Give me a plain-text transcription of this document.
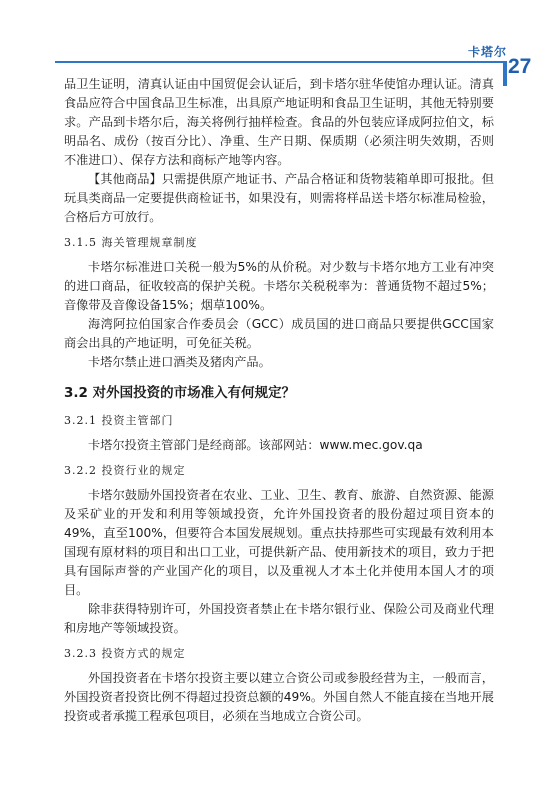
卡塔尔
27

品卫生证明，清真认证由中国贸促会认证后，到卡塔尔驻华使馆办理认证。清真食品应符合中国食品卫生标准，出具原产地证明和食品卫生证明，其他无特别要求。产品到卡塔尔后，海关将例行抽样检查。食品的外包装应译成阿拉伯文，标明品名、成份（按百分比）、净重、生产日期、保质期（必须注明失效期，否则不准进口）、保存方法和商标产地等内容。

【其他商品】只需提供原产地证书、产品合格证和货物装箱单即可报批。但玩具类商品一定要提供商检证书，如果没有，则需将样品送卡塔尔标准局检验，合格后方可放行。

3.1.5 海关管理规章制度

卡塔尔标准进口关税一般为5%的从价税。对少数与卡塔尔地方工业有冲突的进口商品，征收较高的保护关税。卡塔尔关税税率为：普通货物不超过5%；音像带及音像设备15%；烟草100%。

海湾阿拉伯国家合作委员会（GCC）成员国的进口商品只要提供GCC国家商会出具的产地证明，可免征关税。

卡塔尔禁止进口酒类及猪肉产品。

3.2 对外国投资的市场准入有何规定？
3.2.1 投资主管部门

卡塔尔投资主管部门是经商部。该部网站：www.mec.gov.qa

3.2.2 投资行业的规定

卡塔尔鼓励外国投资者在农业、工业、卫生、教育、旅游、自然资源、能源及采矿业的开发和利用等领域投资，允许外国投资者的股份超过项目资本的49%，直至100%，但要符合本国发展规划。重点扶持那些可实现最有效利用本国现有原材料的项目和出口工业，可提供新产品、使用新技术的项目，致力于把具有国际声誉的产业国产化的项目，以及重视人才本土化并使用本国人才的项目。

除非获得特别许可，外国投资者禁止在卡塔尔银行业、保险公司及商业代理和房地产等领域投资。

3.2.3 投资方式的规定

外国投资者在卡塔尔投资主要以建立合资公司或参股经营为主，一般而言，外国投资者投资比例不得超过投资总额的49%。外国自然人不能直接在当地开展投资或者承揽工程承包项目，必须在当地成立合资公司。
